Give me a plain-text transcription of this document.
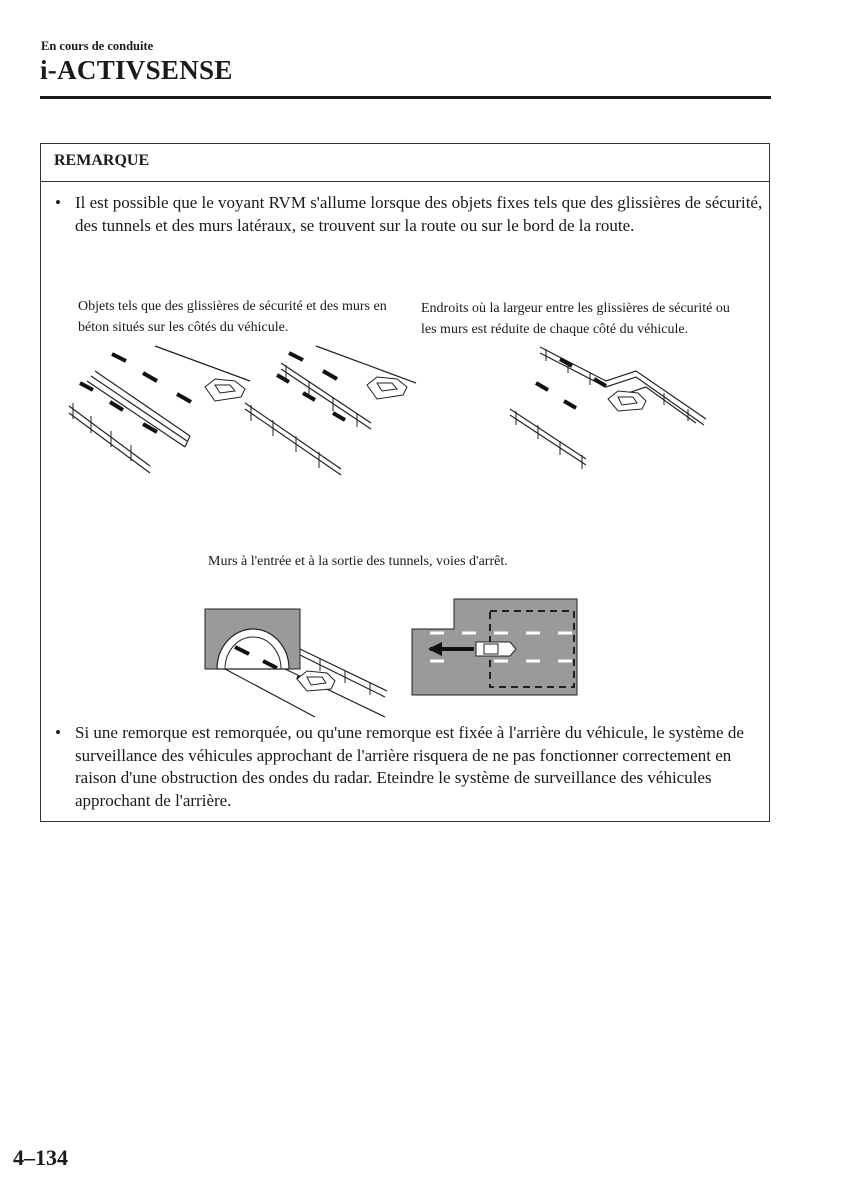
En cours de conduite
i-ACTIVSENSE
REMARQUE
• Il est possible que le voyant RVM s'allume lorsque des objets fixes tels que des glissières de sécurité, des tunnels et des murs latéraux, se trouvent sur la route ou sur le bord de la route.
Objets tels que des glissières de sécurité et des murs en béton situés sur les côtés du véhicule.
Endroits où la largeur entre les glissières de sécurité ou les murs est réduite de chaque côté du véhicule.
Murs à l'entrée et à la sortie des tunnels, voies d'arrêt.
• Si une remorque est remorquée, ou qu'une remorque est fixée à l'arrière du véhicule, le système de surveillance des véhicules approchant de l'arrière risquera de ne pas fonctionner correctement en raison d'une obstruction des ondes du radar. Eteindre le système de surveillance des véhicules approchant de l'arrière.
4–134
